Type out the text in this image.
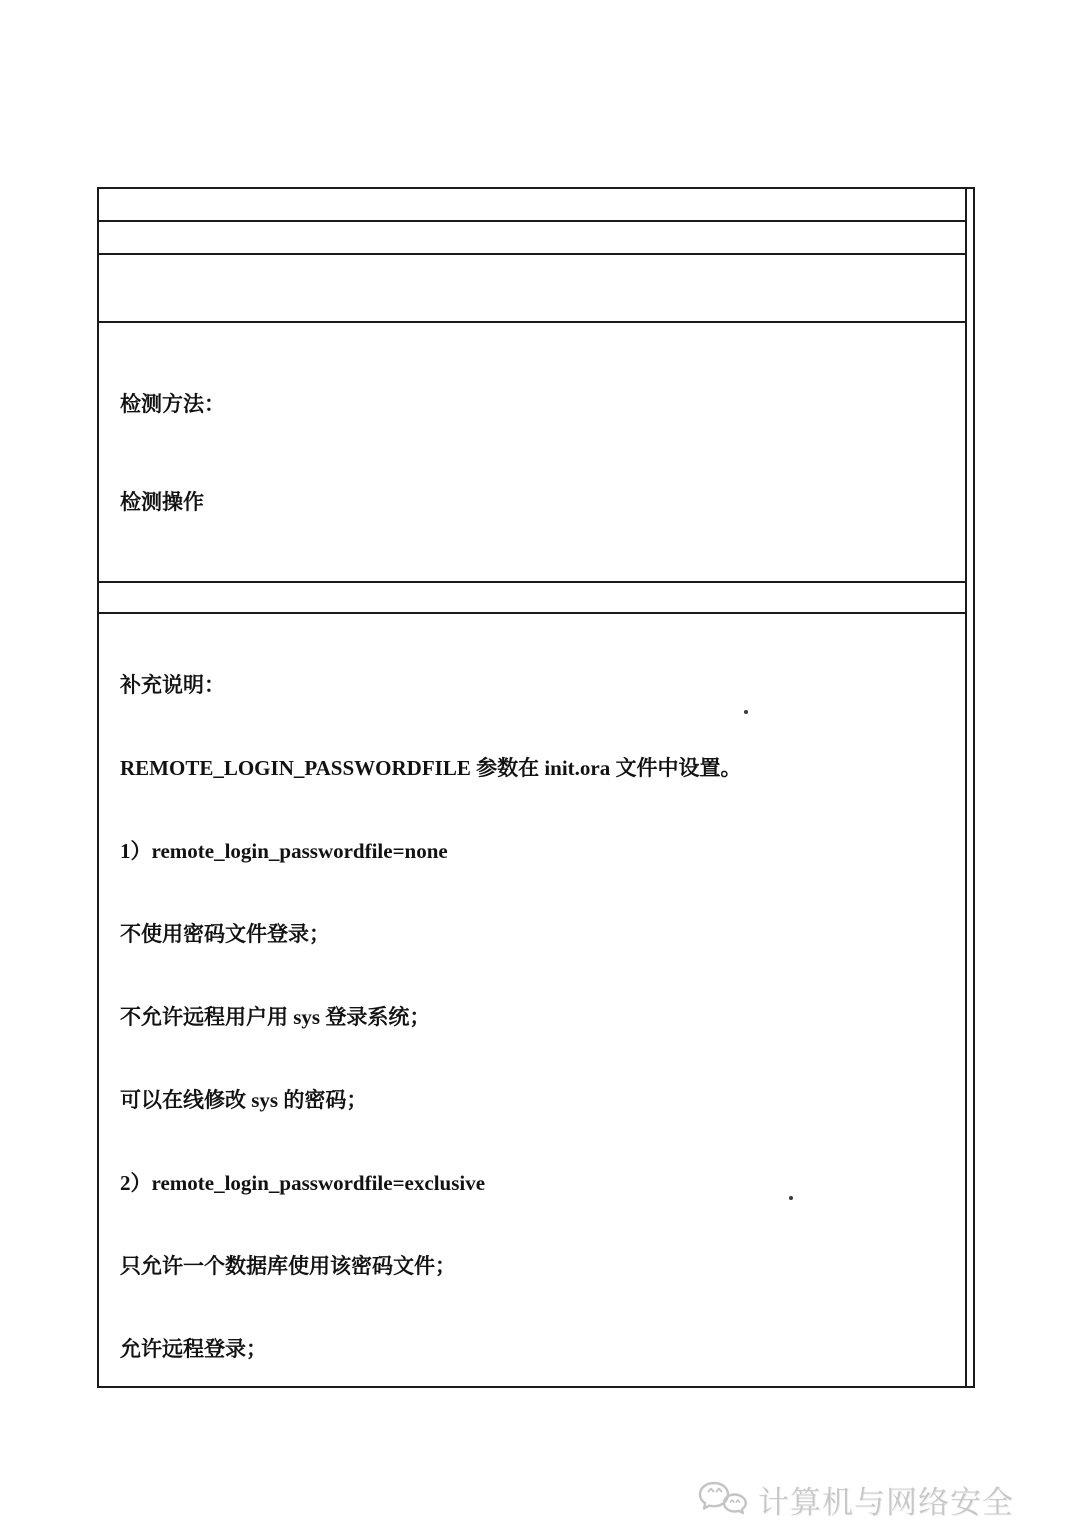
检测方法：

检测操作

补充说明：

REMOTE_LOGIN_PASSWORDFILE 参数在 init.ora 文件中设置。

1）remote_login_passwordfile=none

不使用密码文件登录；

不允许远程用户用 sys 登录系统；

可以在线修改 sys 的密码；

2）remote_login_passwordfile=exclusive

只允许一个数据库使用该密码文件；

允许远程登录；

计算机与网络安全
